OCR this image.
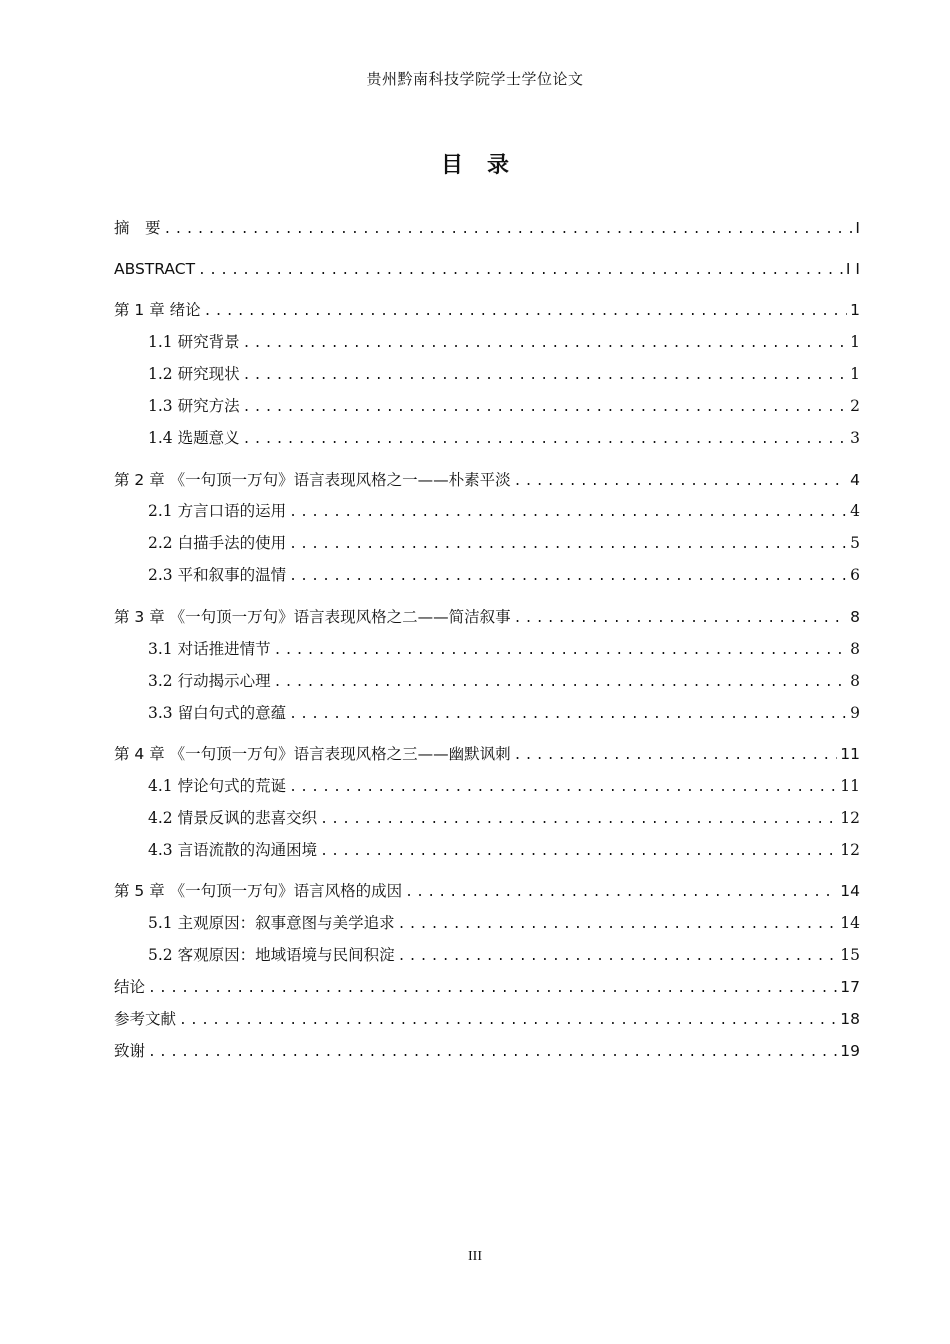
贵州黔南科技学院学士学位论文
目 录
摘　要 .....	I
ABSTRACT .....	I I
第 1 章 绪论 .....	1
1.1 研究背景 .....	1
1.2 研究现状 .....	1
1.3 研究方法 .....	2
1.4 选题意义 .....	3
第 2 章 《一句顶一万句》语言表现风格之一——朴素平淡 .....	4
2.1 方言口语的运用 .....	4
2.2 白描手法的使用 .....	5
2.3 平和叙事的温情 .....	6
第 3 章 《一句顶一万句》语言表现风格之二——简洁叙事 .....	8
3.1 对话推进情节 .....	8
3.2 行动揭示心理 .....	8
3.3 留白句式的意蕴 .....	9
第 4 章 《一句顶一万句》语言表现风格之三——幽默讽刺 .....	11
4.1 悖论句式的荒诞 .....	11
4.2 情景反讽的悲喜交织 .....	12
4.3 言语流散的沟通困境 .....	12
第 5 章 《一句顶一万句》语言风格的成因 .....	14
5.1 主观原因：叙事意图与美学追求 .....	14
5.2 客观原因：地域语境与民间积淀 .....	15
结论 .....	17
参考文献 .....	18
致谢 .....	19
III
